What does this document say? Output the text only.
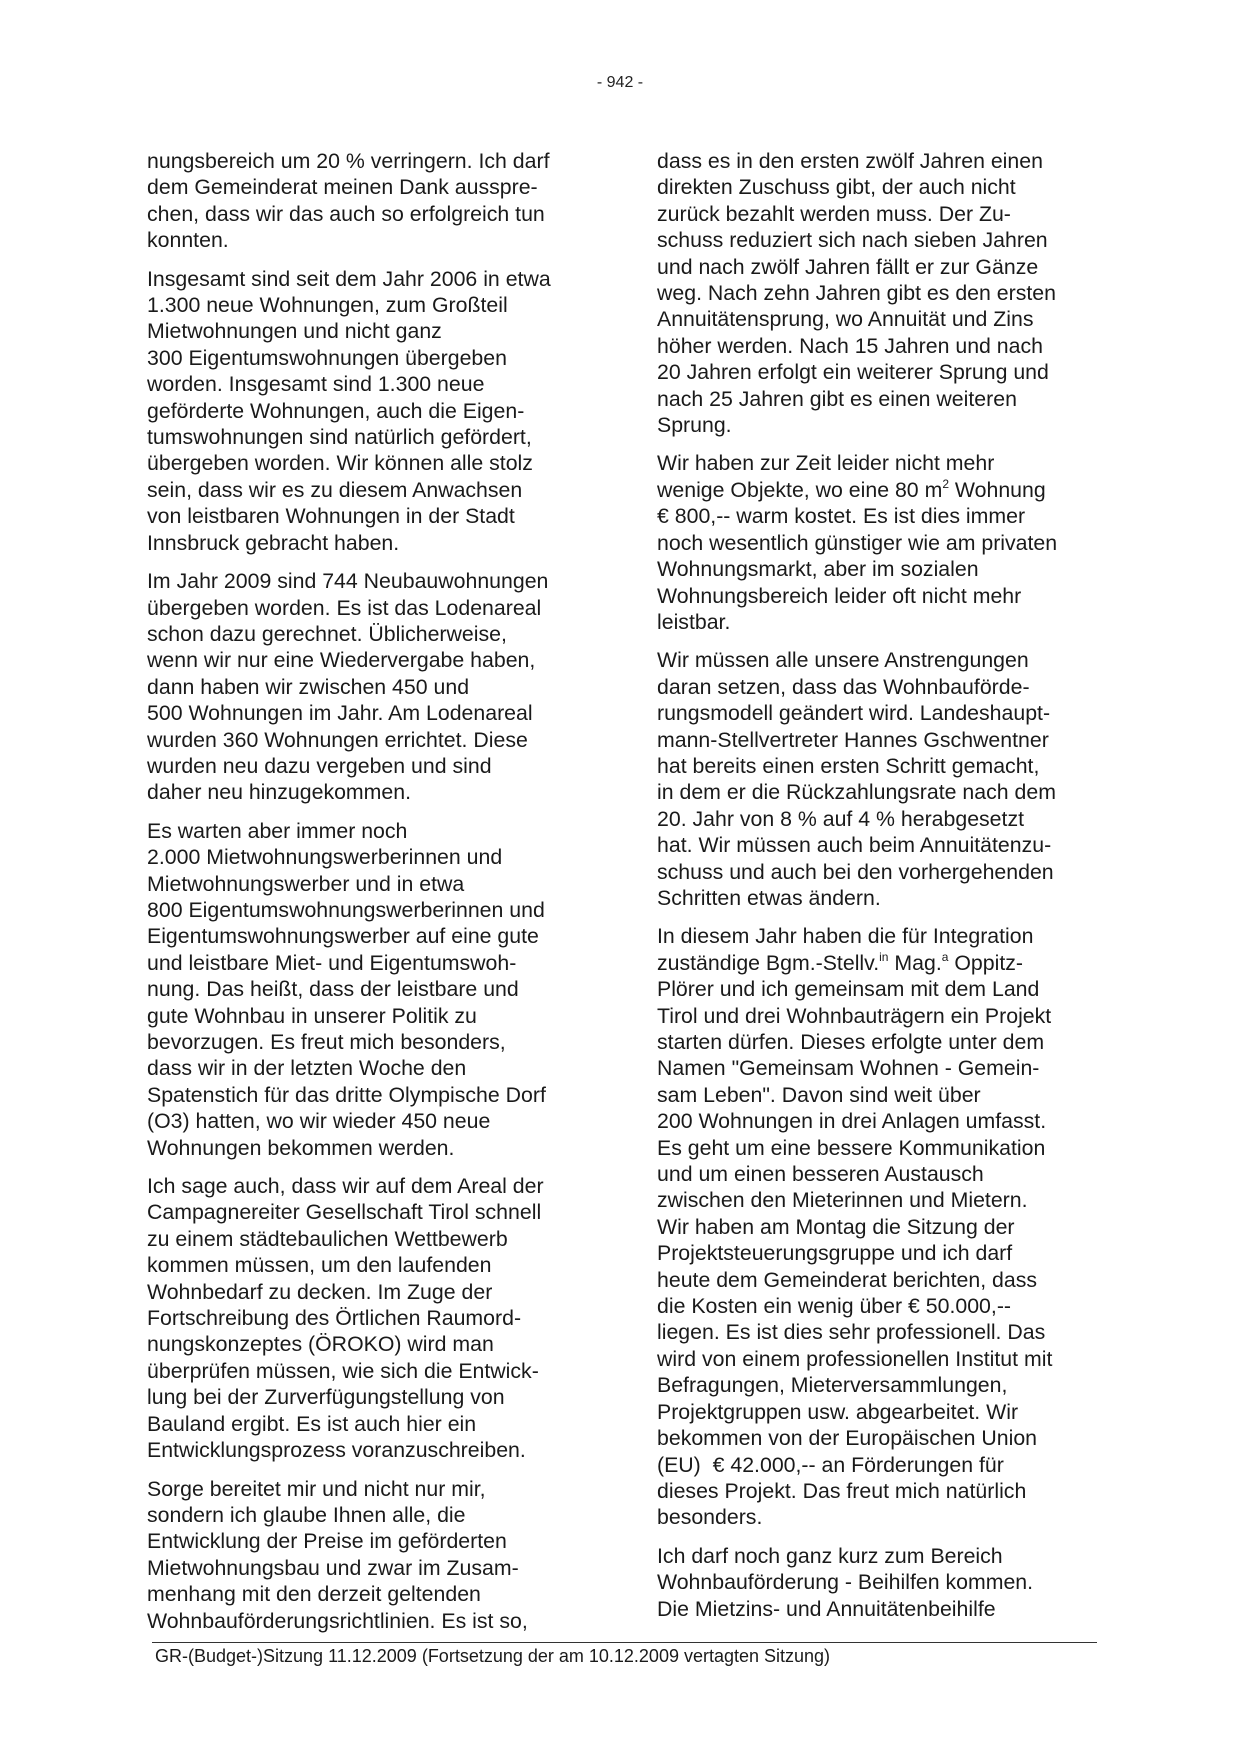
- 942 -

nungsbereich um 20 % verringern. Ich darf
dem Gemeinderat meinen Dank ausspre-
chen, dass wir das auch so erfolgreich tun
konnten.

Insgesamt sind seit dem Jahr 2006 in etwa
1.300 neue Wohnungen, zum Großteil
Mietwohnungen und nicht ganz
300 Eigentumswohnungen übergeben
worden. Insgesamt sind 1.300 neue
geförderte Wohnungen, auch die Eigen-
tumswohnungen sind natürlich gefördert,
übergeben worden. Wir können alle stolz
sein, dass wir es zu diesem Anwachsen
von leistbaren Wohnungen in der Stadt
Innsbruck gebracht haben.

Im Jahr 2009 sind 744 Neubauwohnungen
übergeben worden. Es ist das Lodenareal
schon dazu gerechnet. Üblicherweise,
wenn wir nur eine Wiedervergabe haben,
dann haben wir zwischen 450 und
500 Wohnungen im Jahr. Am Lodenareal
wurden 360 Wohnungen errichtet. Diese
wurden neu dazu vergeben und sind
daher neu hinzugekommen.

Es warten aber immer noch
2.000 Mietwohnungswerberinnen und
Mietwohnungswerber und in etwa
800 Eigentumswohnungswerberinnen und
Eigentumswohnungswerber auf eine gute
und leistbare Miet- und Eigentumswoh-
nung. Das heißt, dass der leistbare und
gute Wohnbau in unserer Politik zu
bevorzugen. Es freut mich besonders,
dass wir in der letzten Woche den
Spatenstich für das dritte Olympische Dorf
(O3) hatten, wo wir wieder 450 neue
Wohnungen bekommen werden.

Ich sage auch, dass wir auf dem Areal der
Campagnereiter Gesellschaft Tirol schnell
zu einem städtebaulichen Wettbewerb
kommen müssen, um den laufenden
Wohnbedarf zu decken. Im Zuge der
Fortschreibung des Örtlichen Raumord-
nungskonzeptes (ÖROKO) wird man
überprüfen müssen, wie sich die Entwick-
lung bei der Zurverfügungstellung von
Bauland ergibt. Es ist auch hier ein
Entwicklungsprozess voranzuschreiben.

Sorge bereitet mir und nicht nur mir,
sondern ich glaube Ihnen alle, die
Entwicklung der Preise im geförderten
Mietwohnungsbau und zwar im Zusam-
menhang mit den derzeit geltenden
Wohnbauförderungsrichtlinien. Es ist so,

dass es in den ersten zwölf Jahren einen
direkten Zuschuss gibt, der auch nicht
zurück bezahlt werden muss. Der Zu-
schuss reduziert sich nach sieben Jahren
und nach zwölf Jahren fällt er zur Gänze
weg. Nach zehn Jahren gibt es den ersten
Annuitätensprung, wo Annuität und Zins
höher werden. Nach 15 Jahren und nach
20 Jahren erfolgt ein weiterer Sprung und
nach 25 Jahren gibt es einen weiteren
Sprung.

Wir haben zur Zeit leider nicht mehr
wenige Objekte, wo eine 80 $m^2$ Wohnung
€ 800,-- warm kostet. Es ist dies immer
noch wesentlich günstiger wie am privaten
Wohnungsmarkt, aber im sozialen
Wohnungsbereich leider oft nicht mehr
leistbar.

Wir müssen alle unsere Anstrengungen
daran setzen, dass das Wohnbauförde-
rungsmodell geändert wird. Landeshaupt-
mann-Stellvertreter Hannes Gschwentner
hat bereits einen ersten Schritt gemacht,
in dem er die Rückzahlungsrate nach dem
20. Jahr von 8 % auf 4 % herabgesetzt
hat. Wir müssen auch beim Annuitätenzu-
schuss und auch bei den vorhergehenden
Schritten etwas ändern.

In diesem Jahr haben die für Integration
zuständige Bgm.-Stellv.$^{in}$ Mag.$^a$ Oppitz-
Plörer und ich gemeinsam mit dem Land
Tirol und drei Wohnbauträgern ein Projekt
starten dürfen. Dieses erfolgte unter dem
Namen "Gemeinsam Wohnen - Gemein-
sam Leben". Davon sind weit über
200 Wohnungen in drei Anlagen umfasst.
Es geht um eine bessere Kommunikation
und um einen besseren Austausch
zwischen den Mieterinnen und Mietern.
Wir haben am Montag die Sitzung der
Projektsteuerungsgruppe und ich darf
heute dem Gemeinderat berichten, dass
die Kosten ein wenig über € 50.000,--
liegen. Es ist dies sehr professionell. Das
wird von einem professionellen Institut mit
Befragungen, Mieterversammlungen,
Projektgruppen usw. abgearbeitet. Wir
bekommen von der Europäischen Union
(EU)  € 42.000,-- an Förderungen für
dieses Projekt. Das freut mich natürlich
besonders.

Ich darf noch ganz kurz zum Bereich
Wohnbauförderung - Beihilfen kommen.
Die Mietzins- und Annuitätenbeihilfe

GR-(Budget-)Sitzung 11.12.2009 (Fortsetzung der am 10.12.2009 vertagten Sitzung)
